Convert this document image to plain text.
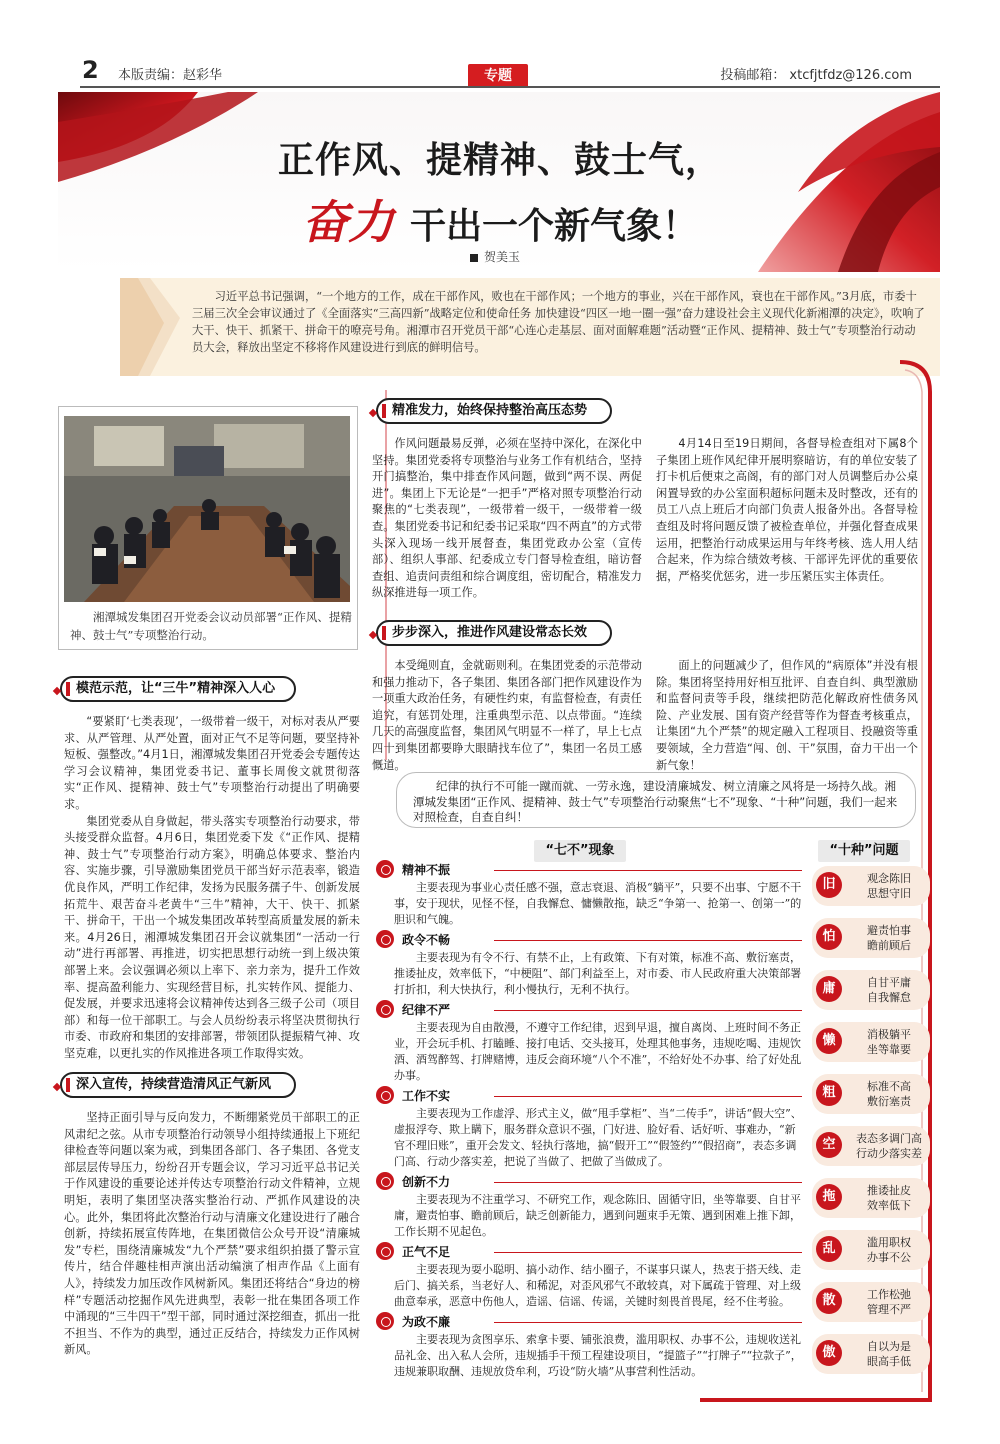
2 本版责编：赵彩华	专题	投稿邮箱： xtcfjtfdz@126.com
正作风、提精神、鼓士气，
奋力 干出一个新气象！
贺美玉
习近平总书记强调，“一个地方的工作，成在干部作风，败也在干部作风；一个地方的事业，兴在干部作风，衰也在干部作风。”3月底，市委十三届三次全会审议通过了《全面落实“三高四新”战略定位和使命任务 加快建设“四区一地一圈一强”奋力建设社会主义现代化新湘潭的决定》，吹响了大干、快干、抓紧干、拼命干的嘹亮号角。湘潭市召开党员干部“心连心走基层、面对面解难题”活动暨“正作风、提精神、鼓士气”专项整治行动动员大会，释放出坚定不移将作风建设进行到底的鲜明信号。
湘潭城发集团召开党委会议动员部署“正作风、提精神、鼓士气”专项整治行动。
模范示范，让“三牛”精神深入人心

“要紧盯‘七类表现’，一级带着一级干，对标对表从严要求、从严管理、从严处置，面对正气不足等问题，要坚持补短板、强整改。”4月1日，湘潭城发集团召开党委会专题传达学习会议精神，集团党委书记、董事长周俊文就贯彻落实“正作风、提精神、鼓士气”专项整治行动提出了明确要求。

集团党委从自身做起，带头落实专项整治行动要求，带头接受群众监督。4月6日，集团党委下发《“正作风、提精神、鼓士气”专项整治行动方案》，明确总体要求、整治内容、实施步骤，引导激励集团党员干部当好示范表率，锻造优良作风，严明工作纪律，发扬为民服务孺子牛、创新发展拓荒牛、艰苦奋斗老黄牛“三牛”精神，大干、快干、抓紧干、拼命干，干出一个城发集团改革转型高质量发展的新未来。4月26日，湘潭城发集团召开会议就集团“一活动一行动”进行再部署、再推进，切实把思想行动统一到上级决策部署上来。会议强调必须以上率下、亲力亲为，提升工作效率、提高盈利能力、实现经营目标，扎实转作风、提能力、促发展，并要求迅速将会议精神传达到各三级子公司（项目部）和每一位干部职工。与会人员纷纷表示将坚决贯彻执行市委、市政府和集团的安排部署，带领团队提振精气神、攻坚克难，以更扎实的作风推进各项工作取得实效。

深入宣传，持续营造清风正气新风

坚持正面引导与反向发力，不断绷紧党员干部职工的正风肃纪之弦。从市专项整治行动领导小组持续通报上下班纪律检查等问题以案为戒，到集团各部门、各子集团、各党支部层层传导压力，纷纷召开专题会议，学习习近平总书记关于作风建设的重要论述并传达专项整治行动文件精神，立规明矩，表明了集团坚决落实整治行动、严抓作风建设的决心。此外，集团将此次整治行动与清廉文化建设进行了融合创新，持续拓展宣传阵地，在集团微信公众号开设“清廉城发”专栏，围绕清廉城发“九个严禁”要求组织拍摄了警示宣传片，结合伴趣桂相声演出活动编演了相声作品《上面有人》，持续发力加压改作风树新风。集团还将结合“身边的榜样”专题活动挖掘作风先进典型，表彰一批在集团各项工作中涌现的“三牛四干”型干部，同时通过深挖细查，抓出一批不担当、不作为的典型，通过正反结合，持续发力正作风树新风。

精准发力，始终保持整治高压态势
作风问题最易反弹，必须在坚持中深化，在深化中坚持。集团党委将专项整治与业务工作有机结合，坚持开门搞整治，集中排查作风问题，做到“两不误、两促进”。集团上下无论是“一把手”严格对照专项整治行动聚焦的“七类表现”，一级带着一级干，一级带着一级查。集团党委书记和纪委书记采取“四不两直”的方式带头深入现场一线开展督查，集团党政办公室（宣传部）、组织人事部、纪委成立专门督导检查组，暗访督查组、追责问责组和综合调度组，密切配合，精准发力纵深推进每一项工作。
4月14日至19日期间，各督导检查组对下属8个子集团上班作风纪律开展明察暗访，有的单位安装了打卡机后便束之高阁，有的部门对人员调整后办公桌闲置导致的办公室面积超标问题未及时整改，还有的员工八点上班后才向部门负责人报备外出。各督导检查组及时将问题反馈了被检查单位，并强化督查成果运用，把整治行动成果运用与年终考核、选人用人结合起来，作为综合绩效考核、干部评先评优的重要依据，严格奖优惩劣，进一步压紧压实主体责任。
步步深入，推进作风建设常态长效
本受绳则直，金就砺则利。在集团党委的示范带动和强力推动下，各子集团、集团各部门把作风建设作为一项重大政治任务，有硬性约束，有监督检查，有责任追究，有惩罚处理，注重典型示范、以点带面。“连续几天的高强度监督，集团风气明显不一样了，早上七点四十到集团都要睁大眼睛找车位了”，集团一名员工感慨道。
面上的问题减少了，但作风的“病原体”并没有根除。集团将坚持用好相互批评、自查自纠、典型激励和监督问责等手段，继续把防范化解政府性债务风险、产业发展、国有资产经营等作为督查考核重点，让集团“九个严禁”的规定融入工程项目、投融资等重要领域，全力营造“闯、创、干”氛围，奋力干出一个新气象！
纪律的执行不可能一蹴而就、一劳永逸，建设清廉城发、树立清廉之风将是一场持久战。湘潭城发集团“正作风、提精神、鼓士气”专项整治行动聚焦“七不”现象、“十种”问题，我们一起来对照检查，自查自纠！
“七不”现象
精神不振
主要表现为事业心责任感不强，意志衰退、消极“躺平”，只要不出事、宁愿不干事，安于现状，见怪不怪，自我懈怠、慵懒散拖，缺乏“争第一、抢第一、创第一”的胆识和气魄。
政令不畅
主要表现为有令不行、有禁不止，上有政策、下有对策，标准不高、敷衍塞责，推诿扯皮，效率低下，“中梗阻”、部门利益至上，对市委、市人民政府重大决策部署打折扣，利大快执行，利小慢执行，无利不执行。
纪律不严
主要表现为自由散漫，不遵守工作纪律，迟到早退，擅自离岗、上班时间不务正业，开会玩手机、打瞌睡、接打电话、交头接耳，处理其他事务，违规吃喝、违规饮酒、酒驾醉驾、打牌赌博，违反会商环境“八个不准”，不给好处不办事、给了好处乱办事。
工作不实
主要表现为工作虚浮、形式主义，做“甩手掌柜”、当“二传手”，讲话“假大空”、虚报浮夸、欺上瞒下，服务群众意识不强，门好进、脸好看、话好听、事难办，“新官不理旧账”，重开会发文、轻执行落地，搞“假开工”“假签约”“假招商”，表态多调门高、行动少落实差，把说了当做了、把做了当做成了。
创新不力
主要表现为不注重学习、不研究工作，观念陈旧、固循守旧，坐等靠要、自甘平庸，避责怕事、瞻前顾后，缺乏创新能力，遇到问题束手无策、遇到困难上推下卸，工作长期不见起色。
正气不足
主要表现为耍小聪明、搞小动作、结小圈子，不谋事只谋人，热衷于搭天线、走后门、搞关系，当老好人、和稀泥，对歪风邪气不敢较真，对下属疏于管理、对上级曲意奉承，恶意中伤他人，造谣、信谣、传谣，关键时刻畏首畏尾，经不住考验。
为政不廉
主要表现为贪图享乐、索拿卡要、铺张浪费，滥用职权、办事不公，违规收送礼品礼金、出入私人会所，违规插手干预工程建设项目，“提篮子”“打牌子”“拉款子”，违规兼职取酬、违规放贷牟利，巧设“防火墙”从事营利性活动。
“十种”问题
旧	观念陈旧
思想守旧
怕	避责怕事
瞻前顾后
庸	自甘平庸
自我懈怠
懒	消极躺平
坐等靠要
粗	标准不高
敷衍塞责
空	表态多调门高
行动少落实差
拖	推诿扯皮
效率低下
乱	滥用职权
办事不公
散	工作松弛
管理不严
傲	自以为是
眼高手低
